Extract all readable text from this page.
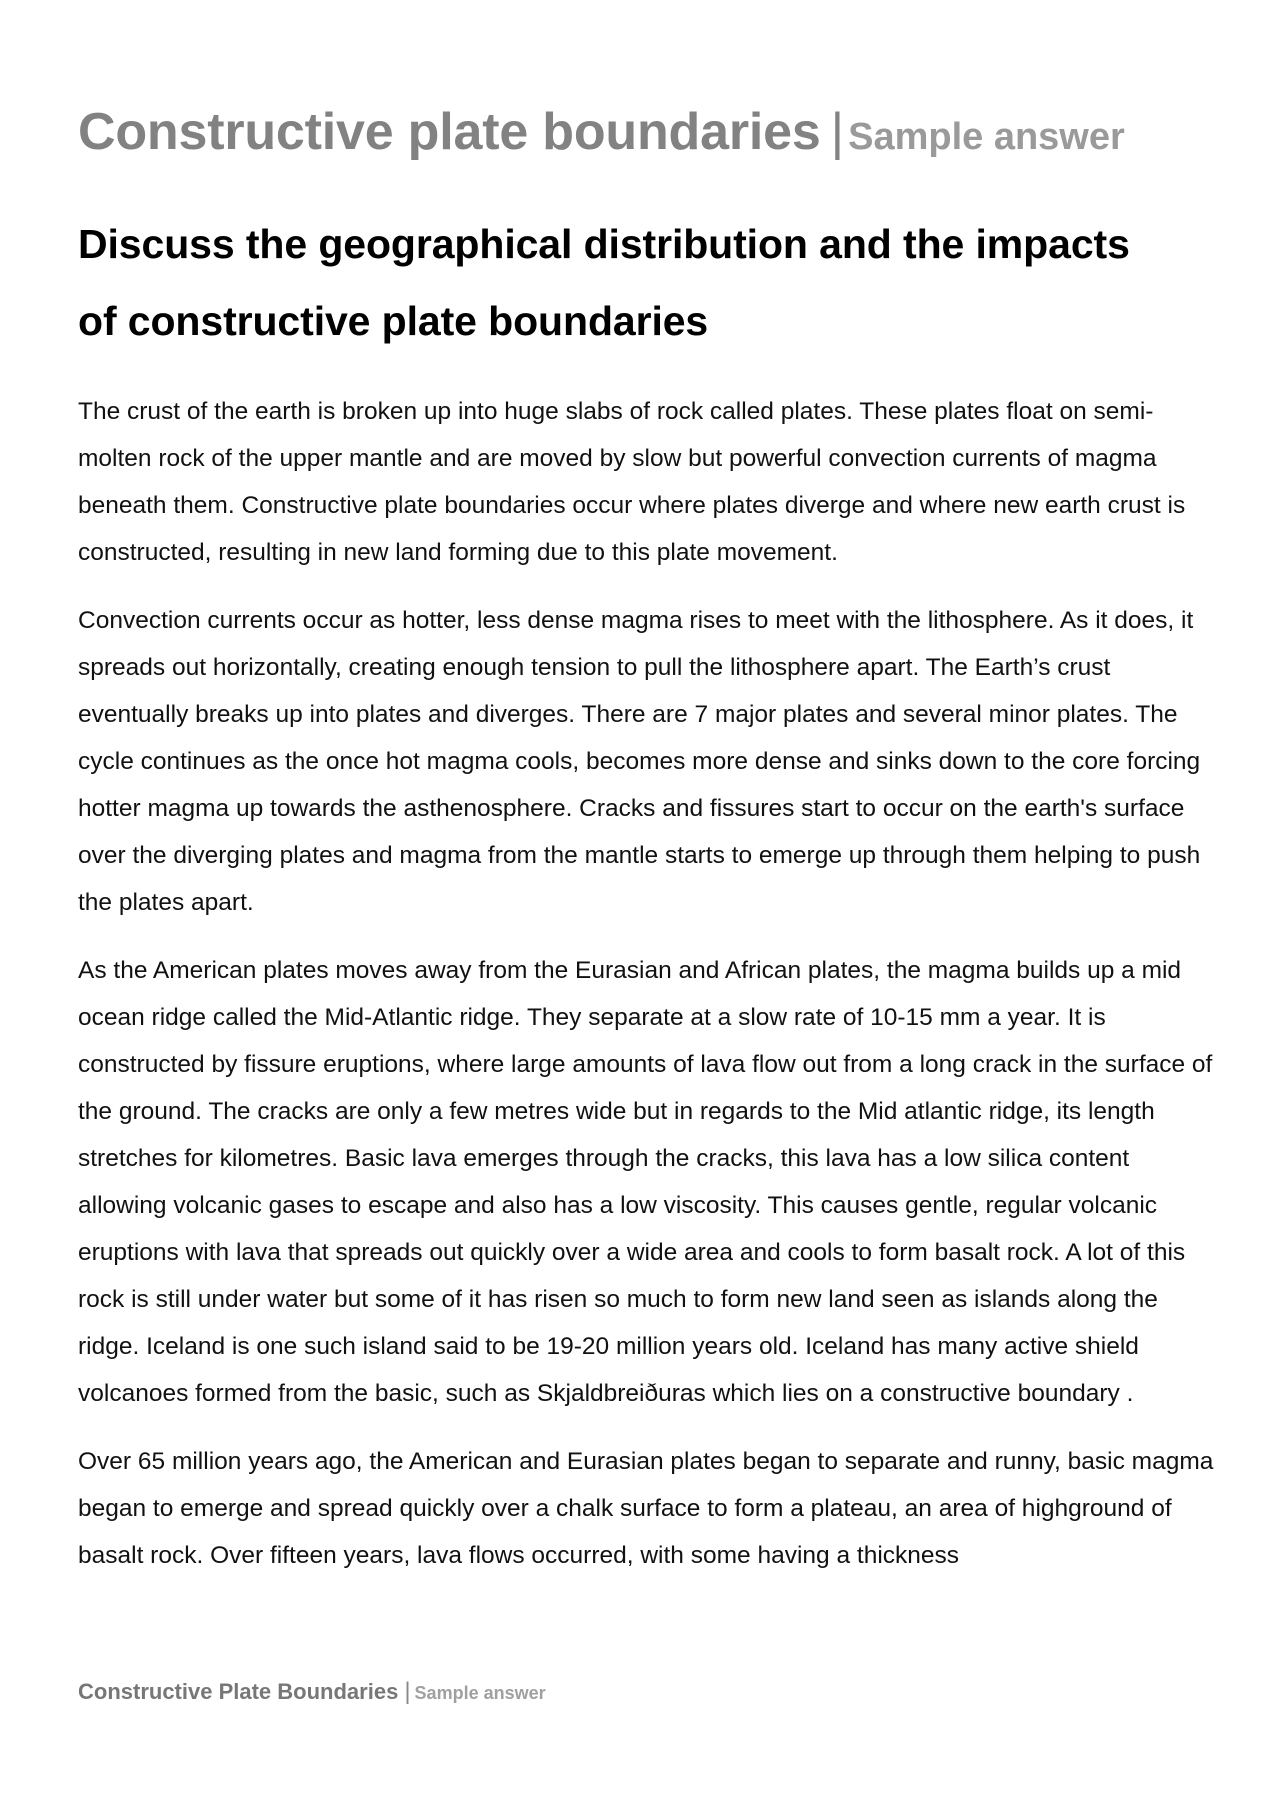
Constructive plate boundaries | Sample answer
Discuss the geographical distribution and the impacts
of constructive plate boundaries

The crust of the earth is broken up into huge slabs of rock called plates. These plates float on semi-molten rock of the upper mantle and are moved by slow but powerful convection currents of magma beneath them. Constructive plate boundaries occur where plates diverge and where new earth crust is constructed, resulting in new land forming due to this plate movement.

Convection currents occur as hotter, less dense magma rises to meet with the lithosphere. As it does, it spreads out horizontally, creating enough tension to pull the lithosphere apart. The Earth’s crust eventually breaks up into plates and diverges. There are 7 major plates and several minor plates. The cycle continues as the once hot magma cools, becomes more dense and sinks down to the core forcing hotter magma up towards the asthenosphere. Cracks and fissures start to occur on the earth's surface over the diverging plates and magma from the mantle starts to emerge up through them helping to push the plates apart.

As the American plates moves away from the Eurasian and African plates, the magma builds up a mid ocean ridge called the Mid-Atlantic ridge. They separate at a slow rate of 10-15 mm a year. It is constructed by fissure eruptions, where large amounts of lava flow out from a long crack in the surface of the ground. The cracks are only a few metres wide but in regards to the Mid atlantic ridge, its length stretches for kilometres. Basic lava emerges through the cracks, this lava has a low silica content allowing volcanic gases to escape and also has a low viscosity. This causes gentle, regular volcanic eruptions with lava that spreads out quickly over a wide area and cools to form basalt rock. A lot of this rock is still under water but some of it has risen so much to form new land seen as islands along the ridge. Iceland is one such island said to be 19-20 million years old. Iceland has many active shield volcanoes formed from the basic, such as Skjaldbreiðuras which lies on a constructive boundary .

Over 65 million years ago, the American and Eurasian plates began to separate and runny, basic magma began to emerge and spread quickly over a chalk surface to form a plateau, an area of highground of basalt rock. Over fifteen years, lava flows occurred, with some having a thickness

Constructive Plate Boundaries | Sample answer
